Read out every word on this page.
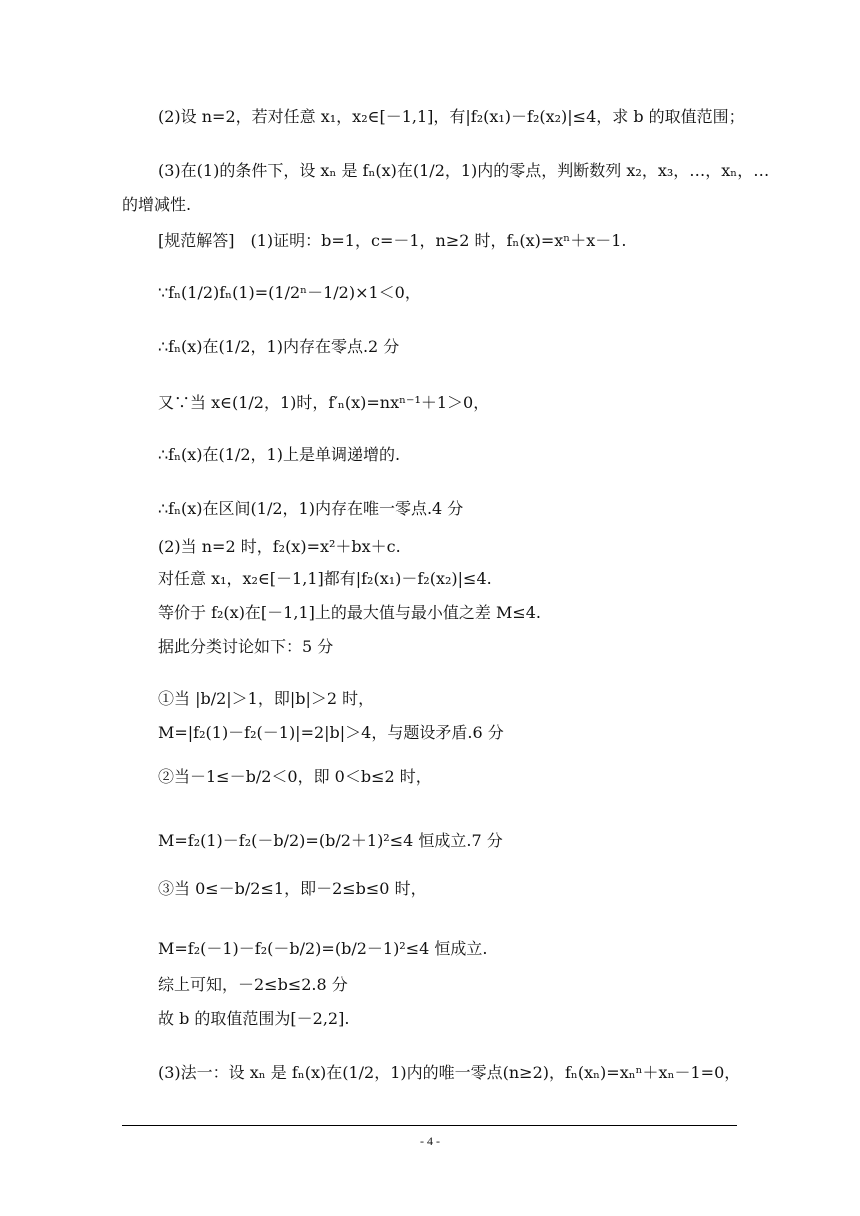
(2)设 n=2，若对任意 x₁，x₂∈[－1,1]，有|f₂(x₁)－f₂(x₂)|≤4，求 b 的取值范围；
(3)在(1)的条件下，设 xₙ 是 fₙ(x)在(1/2，1)内的零点，判断数列 x₂，x₃，…，xₙ，…
的增减性.
[规范解答]　(1)证明：b=1，c=－1，n≥2 时，fₙ(x)=xⁿ＋x－1.
∵fₙ(1/2)fₙ(1)=(1/2ⁿ－1/2)×1＜0，
∴fₙ(x)在(1/2，1)内存在零点.2 分
又∵当 x∈(1/2，1)时，f′ₙ(x)=nxⁿ⁻¹＋1＞0，
∴fₙ(x)在(1/2，1)上是单调递增的.
∴fₙ(x)在区间(1/2，1)内存在唯一零点.4 分
(2)当 n=2 时，f₂(x)=x²＋bx＋c.
对任意 x₁，x₂∈[－1,1]都有|f₂(x₁)－f₂(x₂)|≤4.
等价于 f₂(x)在[－1,1]上的最大值与最小值之差 M≤4.
据此分类讨论如下：5 分
①当 |b/2|＞1，即|b|＞2 时，
M=|f₂(1)－f₂(－1)|=2|b|＞4，与题设矛盾.6 分
②当－1≤－b/2＜0，即 0＜b≤2 时，
M=f₂(1)－f₂(－b/2)=(b/2＋1)²≤4 恒成立.7 分
③当 0≤－b/2≤1，即－2≤b≤0 时，
M=f₂(－1)－f₂(－b/2)=(b/2－1)²≤4 恒成立.
综上可知，－2≤b≤2.8 分
故 b 的取值范围为[－2,2].
(3)法一：设 xₙ 是 fₙ(x)在(1/2，1)内的唯一零点(n≥2)，fₙ(xₙ)=xₙⁿ＋xₙ－1=0，
- 4 -
